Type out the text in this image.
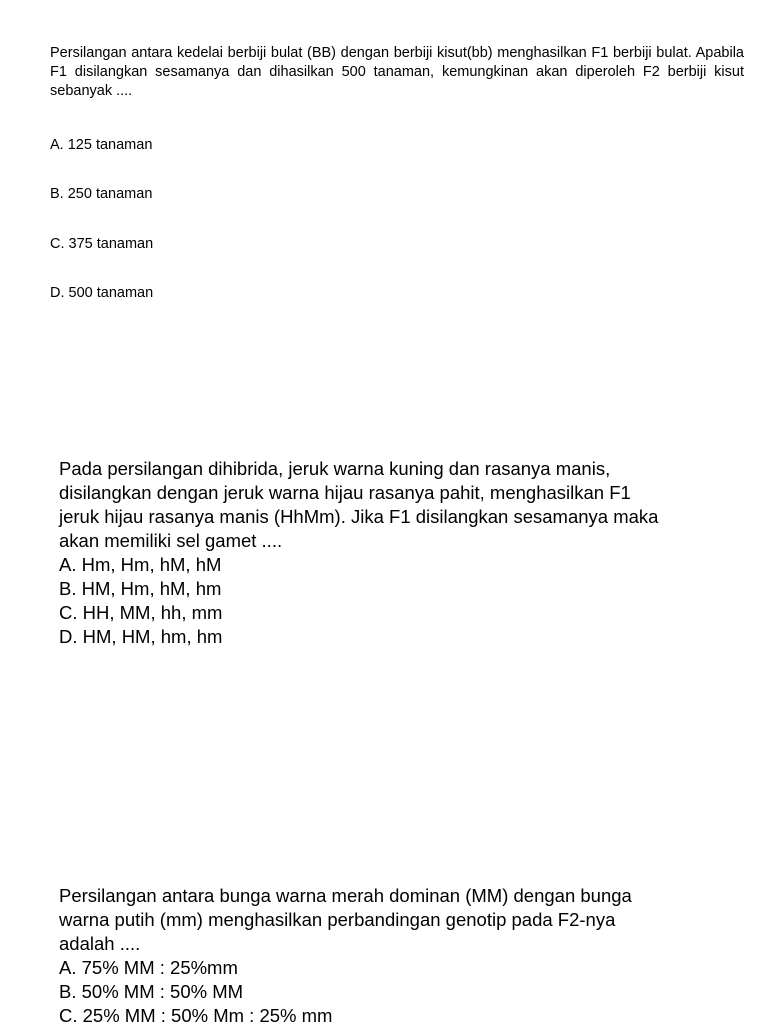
Persilangan antara kedelai berbiji bulat (BB) dengan berbiji kisut(bb) menghasilkan F1 berbiji bulat. Apabila F1 disilangkan sesamanya dan dihasilkan 500 tanaman, kemungkinan akan diperoleh F2 berbiji kisut sebanyak ....

A. 125 tanaman

B. 250 tanaman

C. 375 tanaman

D. 500 tanaman

Pada persilangan dihibrida, jeruk warna kuning dan rasanya manis,

disilangkan dengan jeruk warna hijau rasanya pahit, menghasilkan F1

jeruk hijau rasanya manis (HhMm). Jika F1 disilangkan sesamanya maka

akan memiliki sel gamet ....

A. Hm, Hm, hM, hM

B. HM, Hm, hM, hm

C. HH, MM, hh, mm

D. HM, HM, hm, hm

Persilangan antara bunga warna merah dominan (MM) dengan bunga

warna putih (mm) menghasilkan perbandingan genotip pada F2-nya

adalah ....

A. 75% MM : 25%mm

B. 50% MM : 50% MM

C. 25% MM : 50% Mm : 25% mm
